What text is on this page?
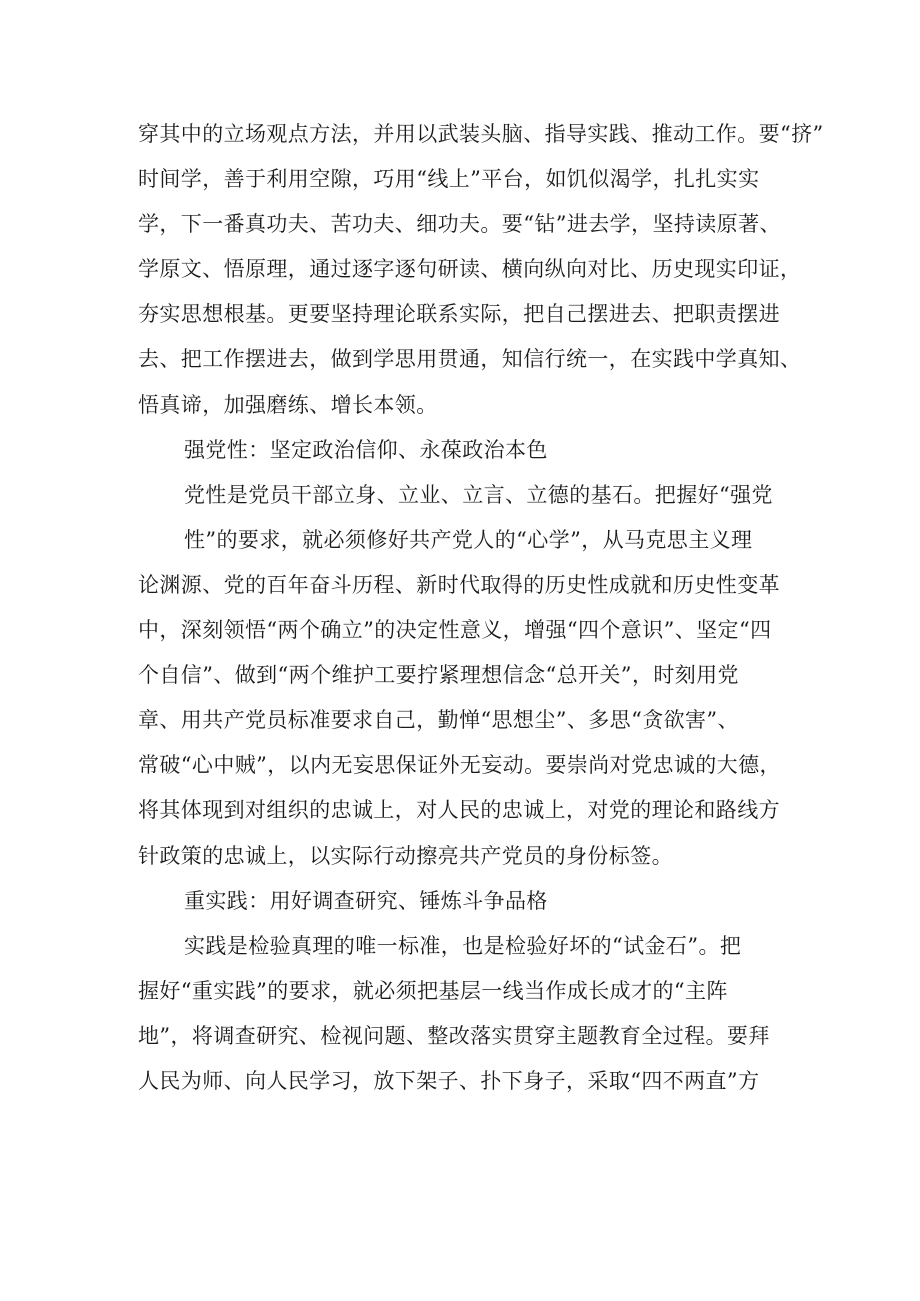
穿其中的立场观点方法，并用以武装头脑、指导实践、推动工作。要“挤”
时间学，善于利用空隙，巧用“线上”平台，如饥似渴学，扎扎实实
学，下一番真功夫、苦功夫、细功夫。要“钻”进去学，坚持读原著、
学原文、悟原理，通过逐字逐句研读、横向纵向对比、历史现实印证，
夯实思想根基。更要坚持理论联系实际，把自己摆进去、把职责摆进
去、把工作摆进去，做到学思用贯通，知信行统一，在实践中学真知、
悟真谛，加强磨练、增长本领。
强党性：坚定政治信仰、永葆政治本色
党性是党员干部立身、立业、立言、立德的基石。把握好“强党
性”的要求，就必须修好共产党人的“心学”，从马克思主义理
论渊源、党的百年奋斗历程、新时代取得的历史性成就和历史性变革
中，深刻领悟“两个确立”的决定性意义，增强“四个意识”、坚定“四
个自信”、做到“两个维护工要拧紧理想信念“总开关”，时刻用党
章、用共产党员标准要求自己，勤惮“思想尘”、多思“贪欲害”、
常破“心中贼”，以内无妄思保证外无妄动。要崇尚对党忠诚的大德，
将其体现到对组织的忠诚上，对人民的忠诚上，对党的理论和路线方
针政策的忠诚上，以实际行动擦亮共产党员的身份标签。
重实践：用好调查研究、锤炼斗争品格
实践是检验真理的唯一标准，也是检验好坏的“试金石”。把
握好“重实践”的要求，就必须把基层一线当作成长成才的“主阵
地”，将调查研究、检视问题、整改落实贯穿主题教育全过程。要拜
人民为师、向人民学习，放下架子、扑下身子，采取“四不两直”方
